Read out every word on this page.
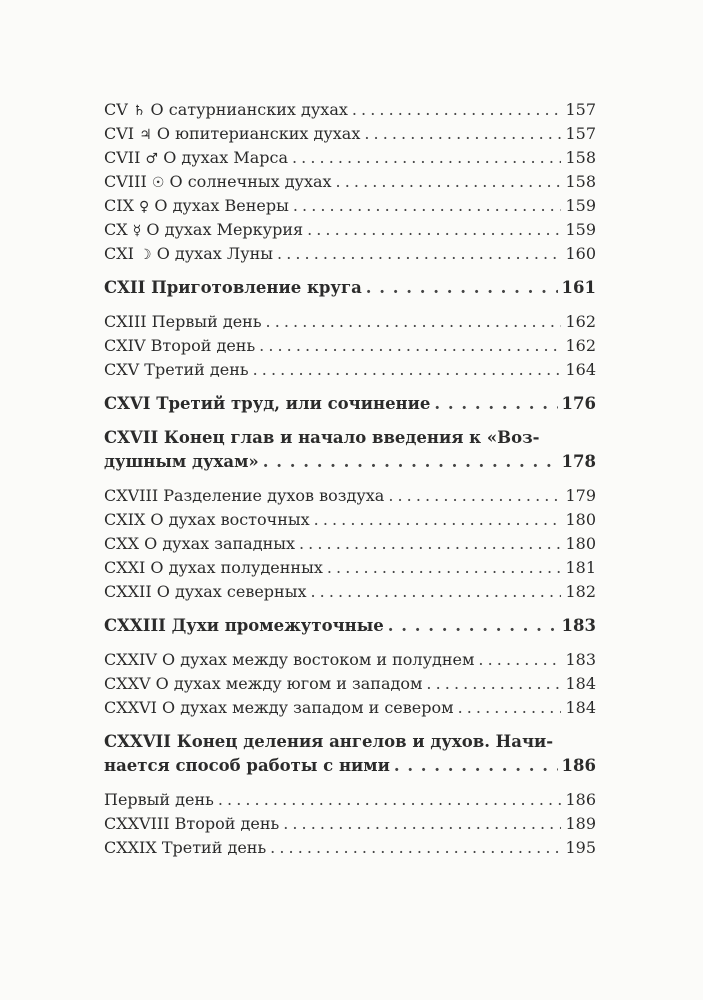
CV ♄ О сатурнианских духах . . .	157
CVI ♃ О юпитерианских духах . . .	157
CVII ♂ О духах Марса . . .	158
CVIII ☉ О солнечных духах . . .	158
CIX ♀ О духах Венеры . . .	159
CX ☿ О духах Меркурия . . .	159
CXI ☽ О духах Луны . . .	160
CXII Приготовление круга . . .	161
CXIII Первый день . . .	162
CXIV Второй день . . .	162
CXV Третий день . . .	164
CXVI Третий труд, или сочинение . . .	176
CXVII Конец глав и начало введения к «Воз-
душным духам» . . .	178
CXVIII Разделение духов воздуха . . .	179
CXIX О духах восточных . . .	180
CXX О духах западных . . .	180
CXXI О духах полуденных . . .	181
CXXII О духах северных . . .	182
CXXIII Духи промежуточные . . .	183
CXXIV О духах между востоком и полуднем . . .	183
CXXV О духах между югом и западом . . .	184
CXXVI О духах между западом и севером . . .	184
CXXVII Конец деления ангелов и духов. Начи-
нается способ работы с ними . . .	186
Первый день . . .	186
CXXVIII Второй день . . .	189
CXXIX Третий день . . .	195
